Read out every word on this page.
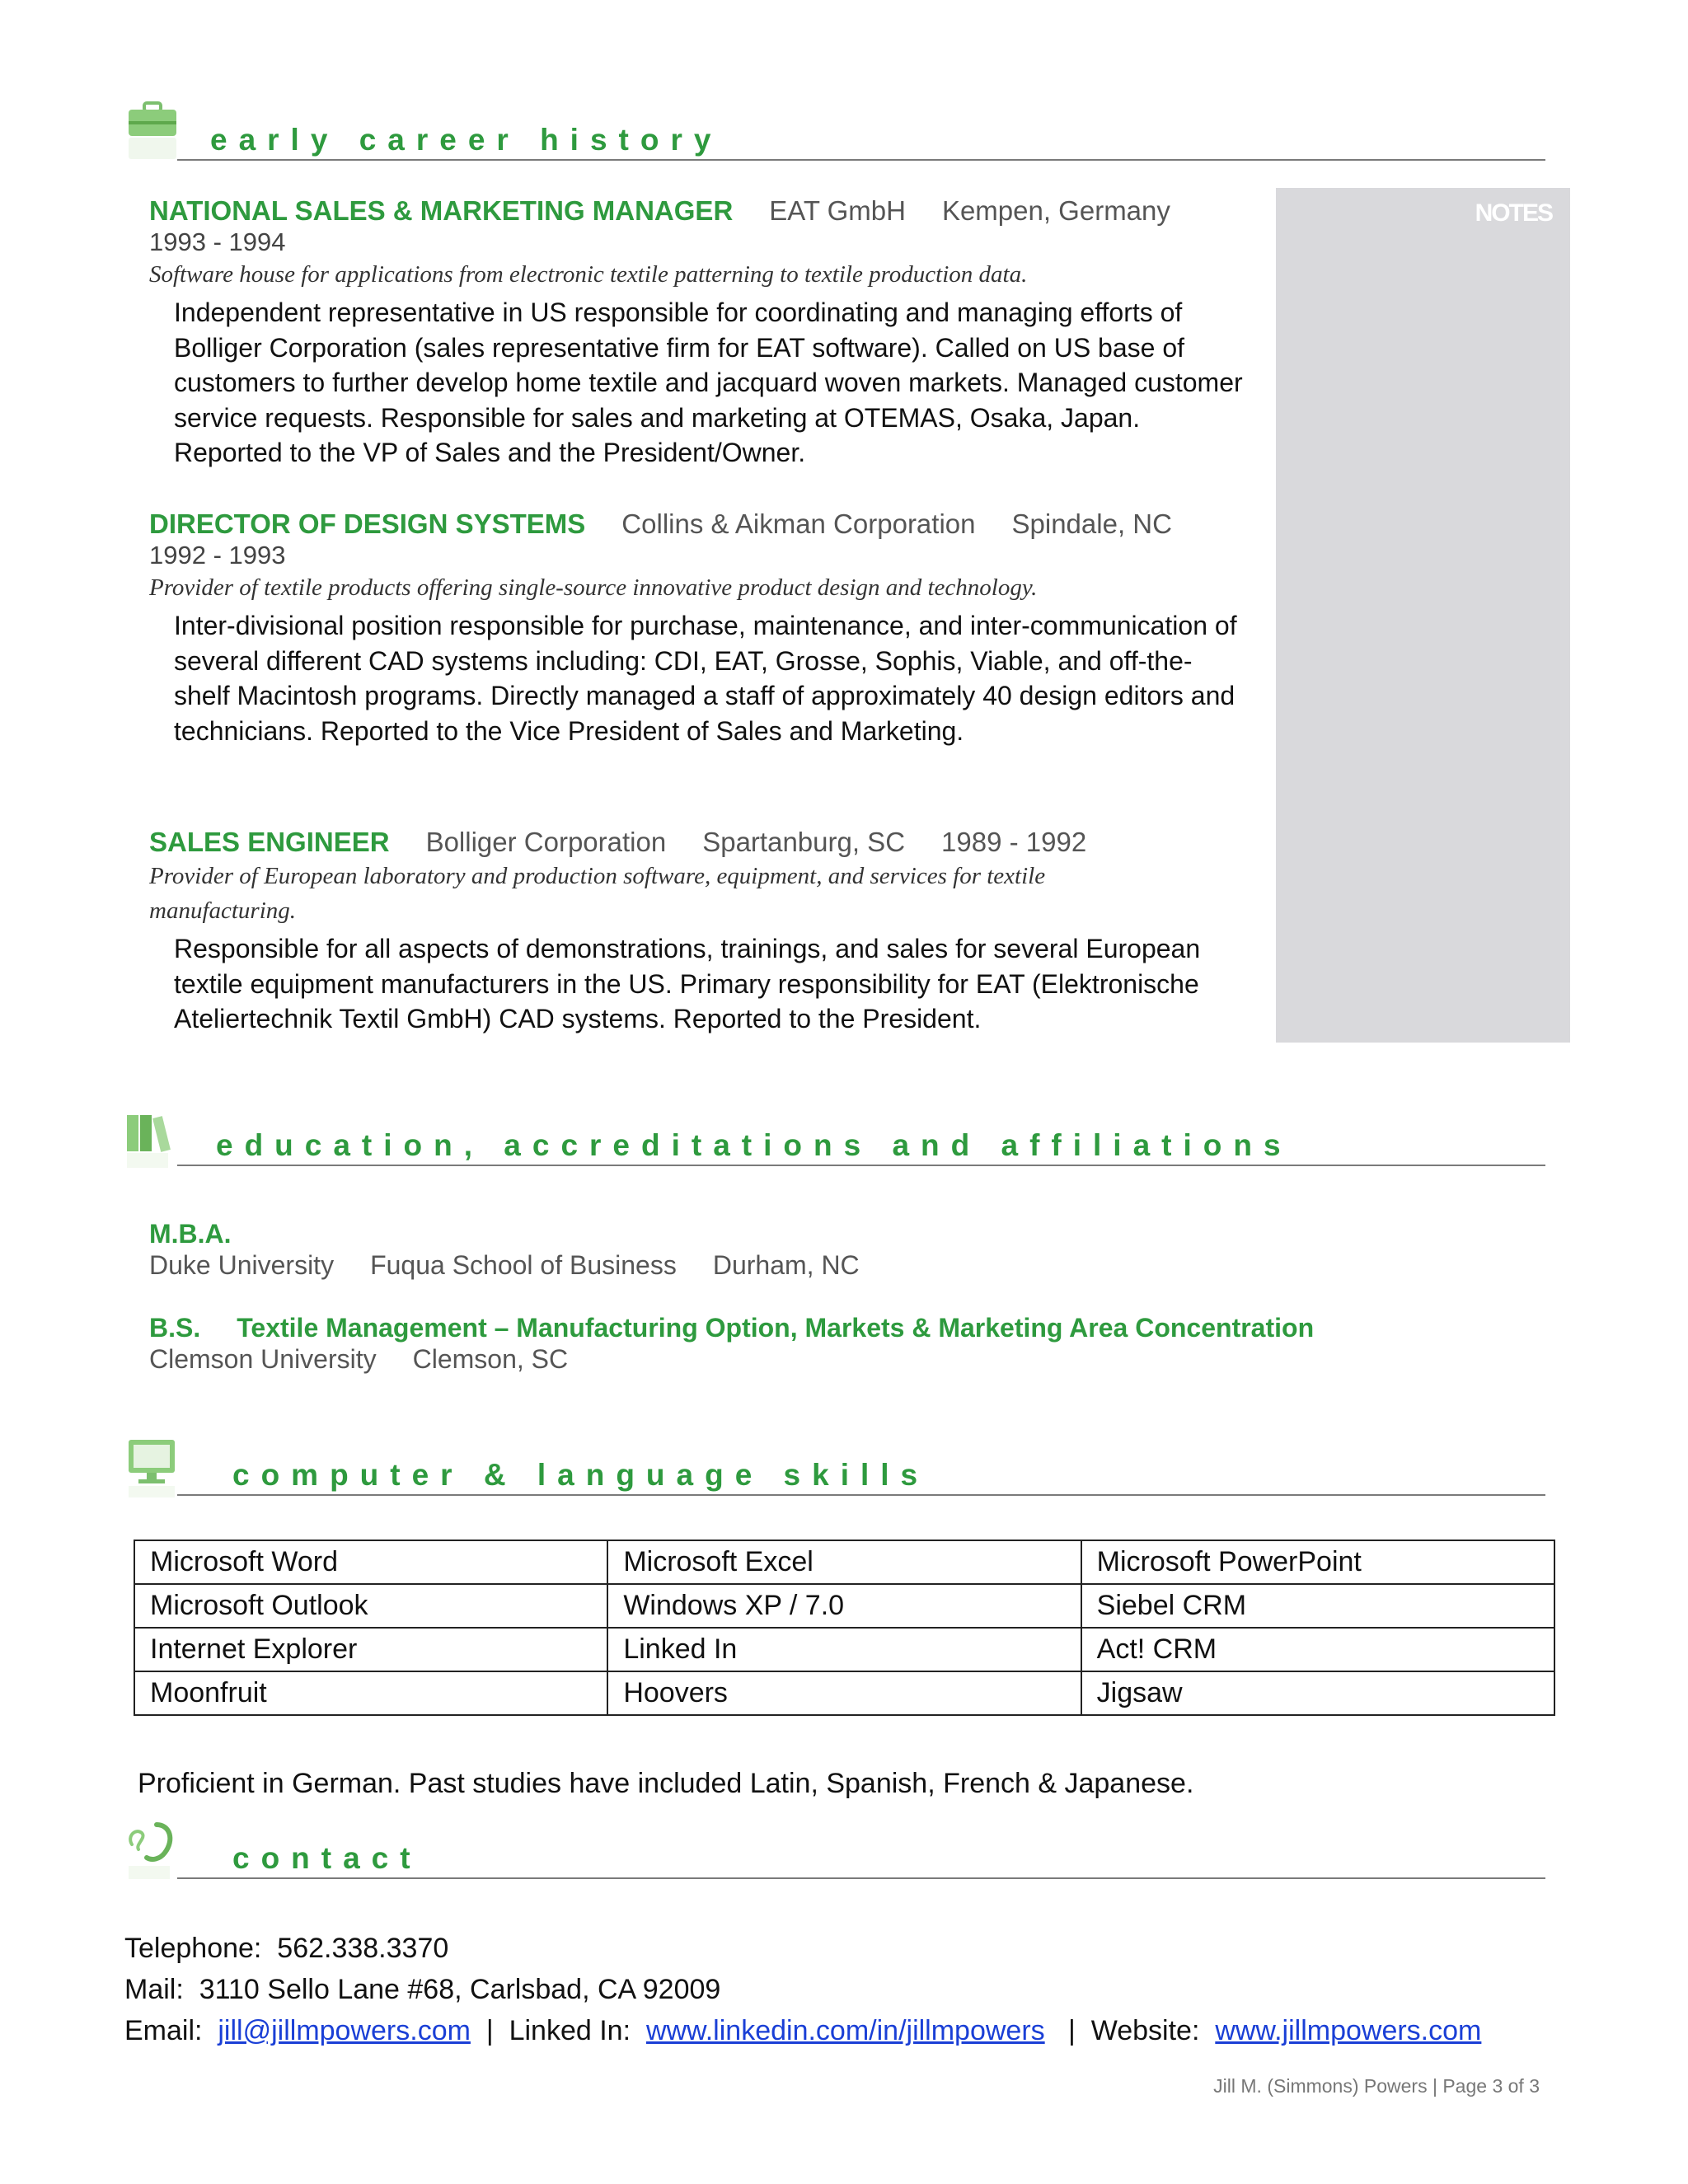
early career history
NOTES
NATIONAL SALES & MARKETING MANAGER EAT GmbH Kempen, Germany
1993 - 1994
Software house for applications from electronic textile patterning to textile production data.
Independent representative in US responsible for coordinating and managing efforts of Bolliger Corporation (sales representative firm for EAT software). Called on US base of customers to further develop home textile and jacquard woven markets. Managed customer service requests. Responsible for sales and marketing at OTEMAS, Osaka, Japan. Reported to the VP of Sales and the President/Owner.
DIRECTOR OF DESIGN SYSTEMS Collins & Aikman Corporation Spindale, NC
1992 - 1993
Provider of textile products offering single-source innovative product design and technology.
Inter-divisional position responsible for purchase, maintenance, and inter-communication of several different CAD systems including: CDI, EAT, Grosse, Sophis, Viable, and off-the-shelf Macintosh programs. Directly managed a staff of approximately 40 design editors and technicians. Reported to the Vice President of Sales and Marketing.
SALES ENGINEER Bolliger Corporation Spartanburg, SC 1989 - 1992
Provider of European laboratory and production software, equipment, and services for textile manufacturing.
Responsible for all aspects of demonstrations, trainings, and sales for several European textile equipment manufacturers in the US. Primary responsibility for EAT (Elektronische Ateliertechnik Textil GmbH) CAD systems. Reported to the President.
education, accreditations and affiliations
M.B.A.
Duke University Fuqua School of Business Durham, NC
B.S. Textile Management – Manufacturing Option, Markets & Marketing Area Concentration
Clemson University Clemson, SC
computer & language skills
Microsoft Word	Microsoft Excel	Microsoft PowerPoint
Microsoft Outlook	Windows XP / 7.0	Siebel CRM
Internet Explorer	Linked In	Act! CRM
Moonfruit	Hoovers	Jigsaw
Proficient in German. Past studies have included Latin, Spanish, French & Japanese.
contact
Telephone: 562.338.3370
Mail: 3110 Sello Lane #68, Carlsbad, CA 92009
Email: jill@jillmpowers.com | Linked In: www.linkedin.com/in/jillmpowers | Website: www.jillmpowers.com
Jill M. (Simmons) Powers | Page 3 of 3
